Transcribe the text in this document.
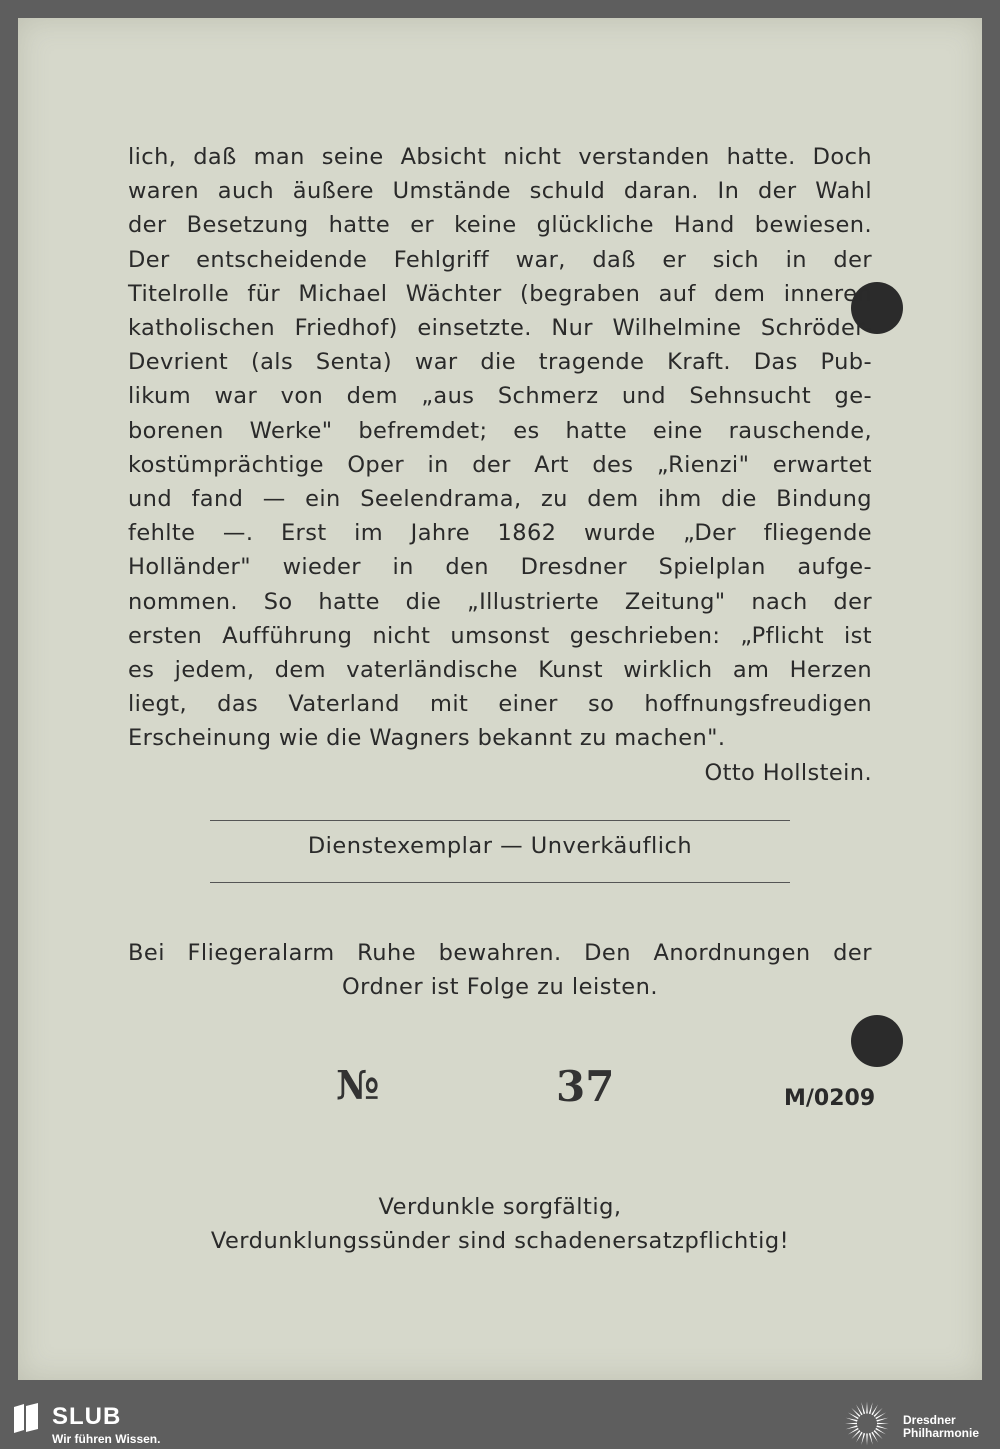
lich, daß man seine Absicht nicht verstanden hatte. Doch
waren auch äußere Umstände schuld daran. In der Wahl
der Besetzung hatte er keine glückliche Hand bewiesen.
Der entscheidende Fehlgriff war, daß er sich in der
Titelrolle für Michael Wächter (begraben auf dem inneren
katholischen Friedhof) einsetzte. Nur Wilhelmine Schröder-
Devrient (als Senta) war die tragende Kraft. Das Pub-
likum war von dem „aus Schmerz und Sehnsucht ge-
borenen Werke" befremdet; es hatte eine rauschende,
kostümprächtige Oper in der Art des „Rienzi" erwartet
und fand — ein Seelendrama, zu dem ihm die Bindung
fehlte —. Erst im Jahre 1862 wurde „Der fliegende
Holländer" wieder in den Dresdner Spielplan aufge-
nommen. So hatte die „Illustrierte Zeitung" nach der
ersten Aufführung nicht umsonst geschrieben: „Pflicht ist
es jedem, dem vaterländische Kunst wirklich am Herzen
liegt, das Vaterland mit einer so hoffnungsfreudigen
Erscheinung wie die Wagners bekannt zu machen".
Otto Hollstein.
Dienstexemplar — Unverkäuflich
Bei Fliegeralarm Ruhe bewahren. Den Anordnungen der
Ordner ist Folge zu leisten.
№	37	M/0209
Verdunkle sorgfältig,
Verdunklungssünder sind schadenersatzpflichtig!
SLUB
Wir führen Wissen.
Dresdner
Philharmonie
